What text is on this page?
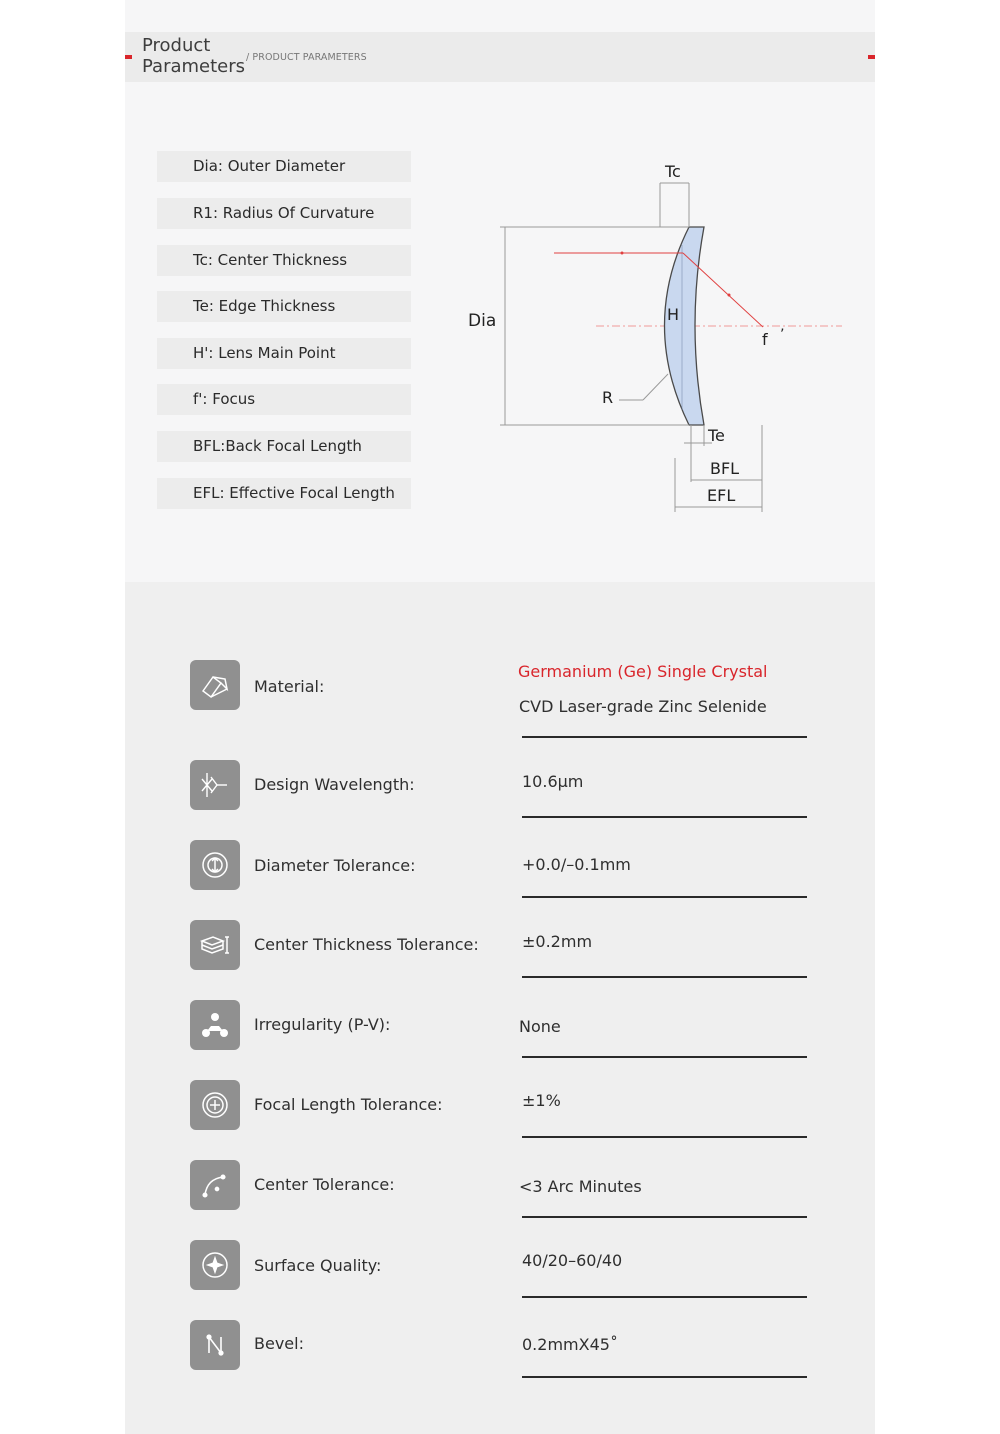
Product
Parameters / PRODUCT PARAMETERS
Dia: Outer Diameter
R1: Radius Of Curvature
Tc: Center Thickness
Te: Edge Thickness
H': Lens Main Point
f': Focus
BFL:Back Focal Length
EFL: Effective Focal Length
Tc
Dia	H
f ’
R
Te
BFL
EFL
Material:
Germanium (Ge) Single Crystal
CVD Laser-grade Zinc Selenide
Design Wavelength:	10.6μm
Diameter Tolerance:	+0.0/–0.1mm
Center Thickness Tolerance:	±0.2mm
Irregularity (P-V):	None
Focal Length Tolerance:	±1%
Center Tolerance:	<3 Arc Minutes
Surface Quality:	40/20–60/40
Bevel:	0.2mmX45˚
